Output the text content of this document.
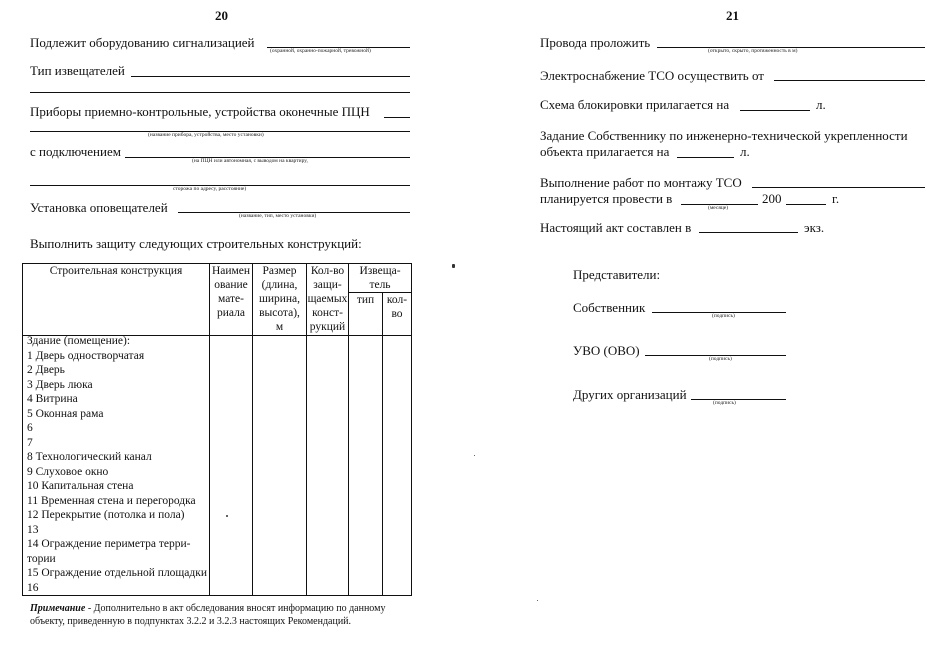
20
Подлежит оборудованию сигнализацией
(охранной, охранно-пожарной, тревожной)
Тип извещателей
Приборы приемно-контрольные, устройства оконечные ПЦН
(название прибора, устройства, место установки)
с подключением
(на ПЦН или автономная, с выводом на квартиру,
сторожа по адресу, расстояние)
Установка оповещателей
(название, тип, место установки)
Выполнить защиту следующих строительных конструкций:
Строительная конструкция	Наимен
ование
мате-
риала	Размер
(длина,
ширина,
высота),
м	Кол-во
защи-
щаемых
конст-
рукций	Извеща-
тель	
				тип	кол-
во

Здание (помещение):
1 Дверь одностворчатая
2 Дверь
3 Дверь люка
4 Витрина
5 Оконная рама
6
7
8 Технологический канал
9 Слуховое окно
10 Капитальная стена
11 Временная стена и перегородка
12 Перекрытие (потолка и пола)
13
14 Ограждение периметра терри-
тории
15 Ограждение отдельной площадки
16
Примечание - Дополнительно в акт обследования вносят информацию по данному
объекту, приведенную в подпунктах 3.2.2 и 3.2.3 настоящих Рекомендаций.
21
Провода проложить
(открыто, скрыто, протяженность в м)
Электроснабжение ТСО осуществить от
Схема блокировки прилагается на	л.
Задание Собственнику по инженерно-технической укрепленности
объекта прилагается на	л.
Выполнение работ по монтажу ТСО
планируется провести в
(месяце)
200	г.
Настоящий акт составлен в	экз.
Представители:
Собственник
(подпись)
УВО (ОВО)
(подпись)
Других организаций
(подпись)
